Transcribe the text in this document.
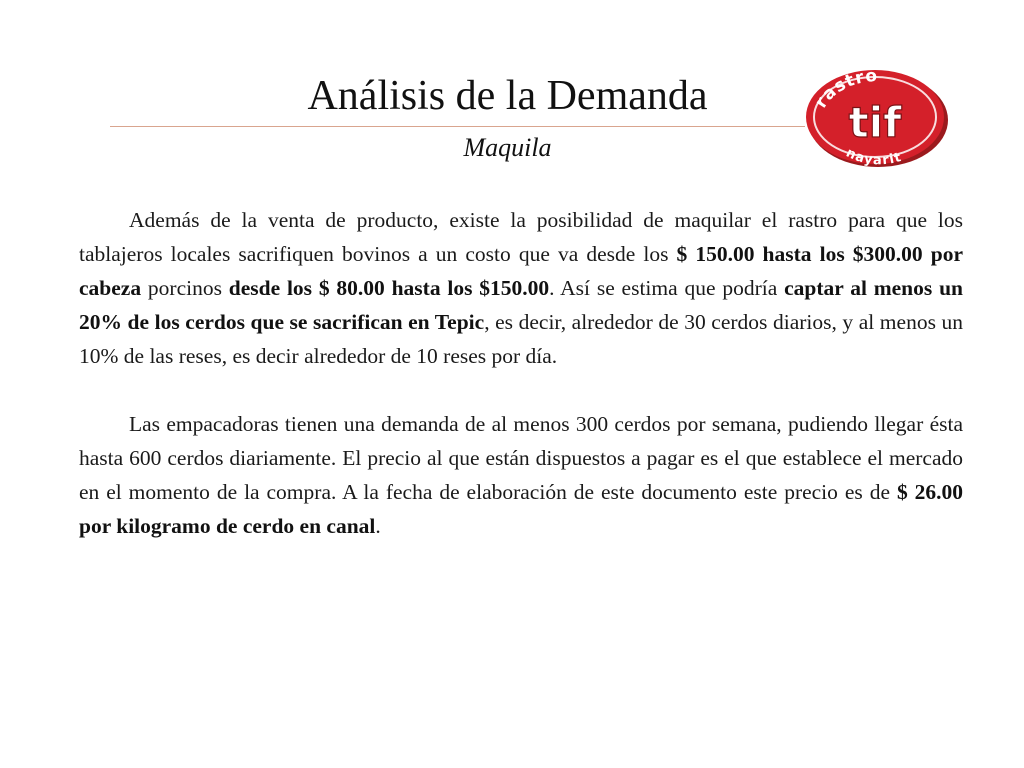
Análisis de la Demanda
Maquila
rastro
tif
nayarit

Además de la venta de producto, existe la posibilidad de maquilar el rastro para que los tablajeros locales sacrifiquen bovinos a un costo que va desde los $ 150.00 hasta los $300.00 por cabeza porcinos desde los $ 80.00 hasta los $150.00. Así se estima que podría captar al menos un 20% de los cerdos que se sacrifican en Tepic, es decir, alrededor de 30 cerdos diarios, y al menos un 10% de las reses, es decir alrededor de 10 reses por día.

Las empacadoras tienen una demanda de al menos 300 cerdos por semana, pudiendo llegar ésta hasta 600 cerdos diariamente. El precio al que están dispuestos a pagar es el que establece el mercado en el momento de la compra. A la fecha de elaboración de este documento este precio es de $ 26.00 por kilogramo de cerdo en canal.
